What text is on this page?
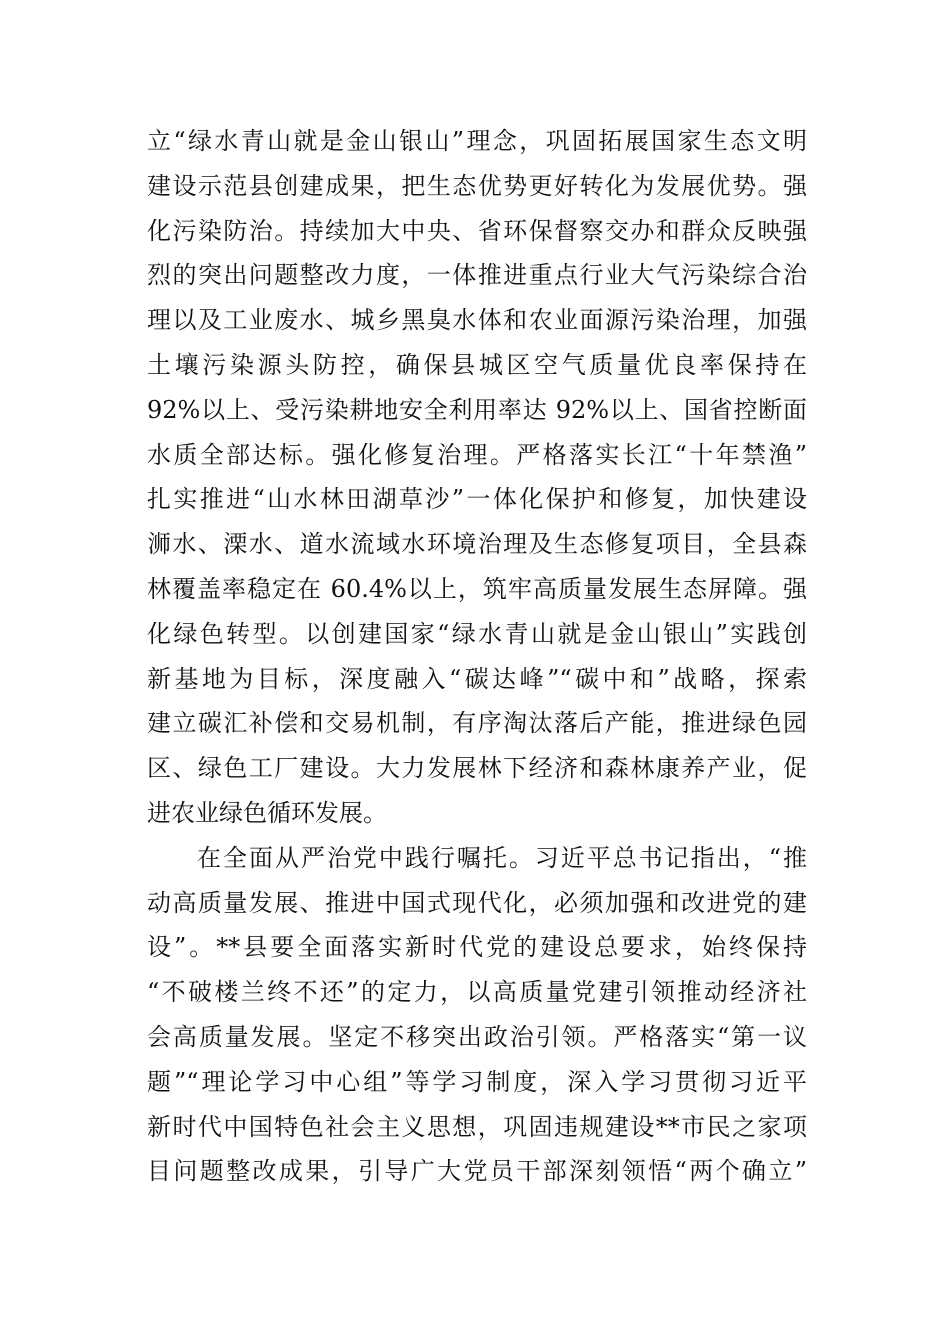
立“绿水青山就是金山银山”理念，巩固拓展国家生态文明
建设示范县创建成果，把生态优势更好转化为发展优势。强
化污染防治。持续加大中央、省环保督察交办和群众反映强
烈的突出问题整改力度，一体推进重点行业大气污染综合治
理以及工业废水、城乡黑臭水体和农业面源污染治理，加强
土壤污染源头防控，确保县城区空气质量优良率保持在
92%以上、受污染耕地安全利用率达 92%以上、国省控断面
水质全部达标。强化修复治理。严格落实长江“十年禁渔”
扎实推进“山水林田湖草沙”一体化保护和修复，加快建设
浉水、溧水、道水流域水环境治理及生态修复项目，全县森
林覆盖率稳定在 60.4%以上，筑牢高质量发展生态屏障。强
化绿色转型。以创建国家“绿水青山就是金山银山”实践创
新基地为目标，深度融入“碳达峰”“碳中和”战略，探索
建立碳汇补偿和交易机制，有序淘汰落后产能，推进绿色园
区、绿色工厂建设。大力发展林下经济和森林康养产业，促
进农业绿色循环发展。
在全面从严治党中践行嘱托。习近平总书记指出，“推
动高质量发展、推进中国式现代化，必须加强和改进党的建
设”。**县要全面落实新时代党的建设总要求，始终保持
“不破楼兰终不还”的定力，以高质量党建引领推动经济社
会高质量发展。坚定不移突出政治引领。严格落实“第一议
题”“理论学习中心组”等学习制度，深入学习贯彻习近平
新时代中国特色社会主义思想，巩固违规建设**市民之家项
目问题整改成果，引导广大党员干部深刻领悟“两个确立”
